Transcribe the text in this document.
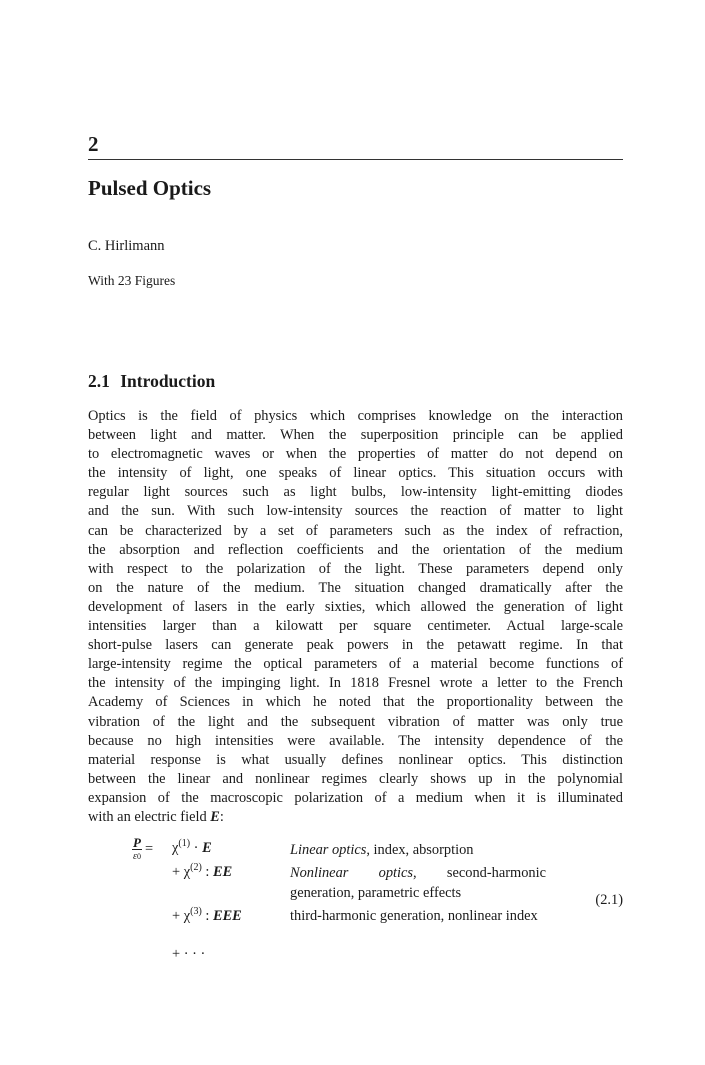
2
Pulsed Optics
C. Hirlimann
With 23 Figures
2.1 Introduction
Optics is the field of physics which comprises knowledge on the interaction
between light and matter. When the superposition principle can be applied
to electromagnetic waves or when the properties of matter do not depend on
the intensity of light, one speaks of linear optics. This situation occurs with
regular light sources such as light bulbs, low-intensity light-emitting diodes
and the sun. With such low-intensity sources the reaction of matter to light
can be characterized by a set of parameters such as the index of refraction,
the absorption and reflection coefficients and the orientation of the medium
with respect to the polarization of the light. These parameters depend only
on the nature of the medium. The situation changed dramatically after the
development of lasers in the early sixties, which allowed the generation of light
intensities larger than a kilowatt per square centimeter. Actual large-scale
short-pulse lasers can generate peak powers in the petawatt regime. In that
large-intensity regime the optical parameters of a material become functions of
the intensity of the impinging light. In 1818 Fresnel wrote a letter to the French
Academy of Sciences in which he noted that the proportionality between the
vibration of the light and the subsequent vibration of matter was only true
because no high intensities were available. The intensity dependence of the
material response is what usually defines nonlinear optics. This distinction
between the linear and nonlinear regimes clearly shows up in the polynomial
expansion of the macroscopic polarization of a medium when it is illuminated
with an electric field E:
$\frac{P}{\varepsilon 0}$ =	$\chi^{(1)} \cdot E$	Linear optics, index, absorption
+ $\chi^{(2)}$ : EE	Nonlinear optics, second-harmonic generation, parametric effects
+ $\chi^{(3)}$ : EEE	third-harmonic generation, nonlinear index
+ · · ·
(2.1)
